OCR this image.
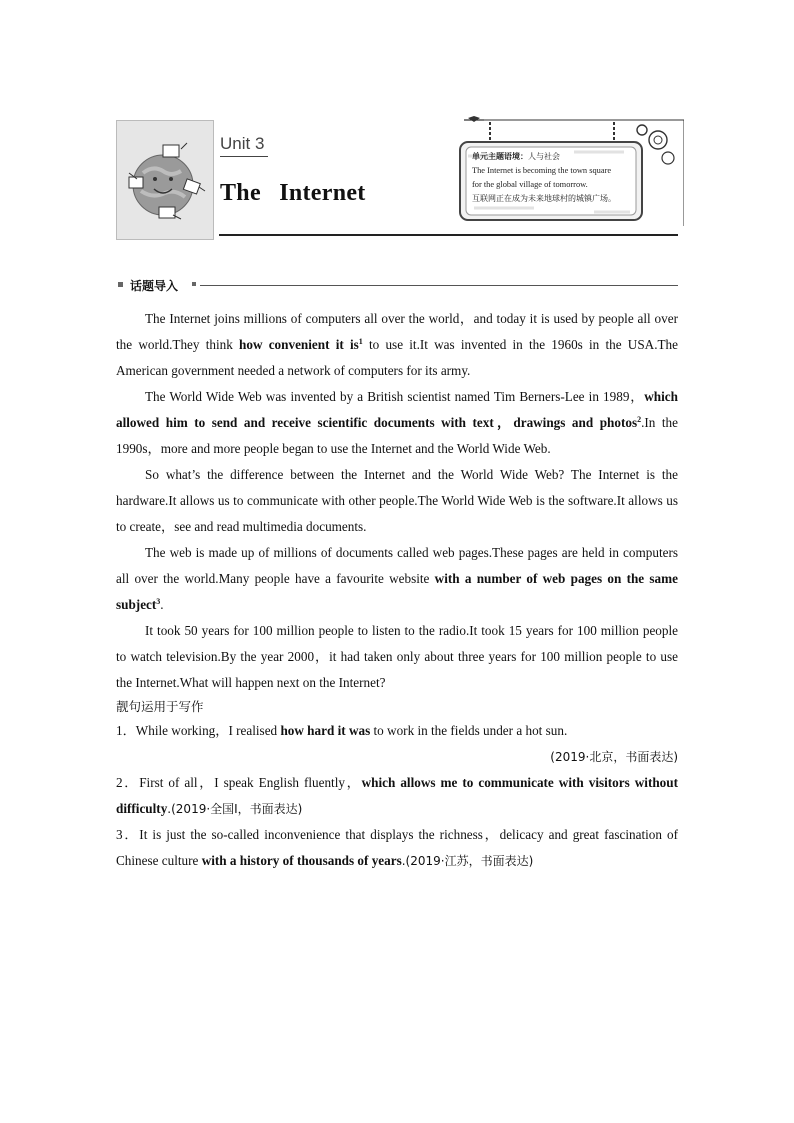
Unit 3
The Internet
单元主题语境：人与社会
The Internet is becoming the town square
for the global village of tomorrow.
互联网正在成为未来地球村的城镇广场。
话题导入

The Internet joins millions of computers all over the world，and today it is used by people all over the world.They think how convenient it $is^1$ to use it.It was invented in the 1960s in the USA.The American government needed a network of computers for its army.

The World Wide Web was invented by a British scientist named Tim Berners-Lee in 1989，which allowed him to send and receive scientific documents with text，drawings and photos$^2$.In the 1990s，more and more people began to use the Internet and the World Wide Web.

So what’s the difference between the Internet and the World Wide Web? The Internet is the hardware.It allows us to communicate with other people.The World Wide Web is the software.It allows us to create，see and read multimedia documents.

The web is made up of millions of documents called web pages.These pages are held in computers all over the world.Many people have a favourite website with a number of web pages on the same subject$^3$.

It took 50 years for 100 million people to listen to the radio.It took 15 years for 100 million people to watch television.By the year 2000，it had taken only about three years for 100 million people to use the Internet.What will happen next on the Internet?

靓句运用于写作

1．While working，I realised how hard it was to work in the fields under a hot sun.

(2019·北京，书面表达)

2．First of all，I speak English fluently，which allows me to communicate with visitors without difficulty.(2019·全国Ⅰ，书面表达)

3．It is just the so-called inconvenience that displays the richness，delicacy and great fascination of Chinese culture with a history of thousands of years.(2019·江苏，书面表达)
